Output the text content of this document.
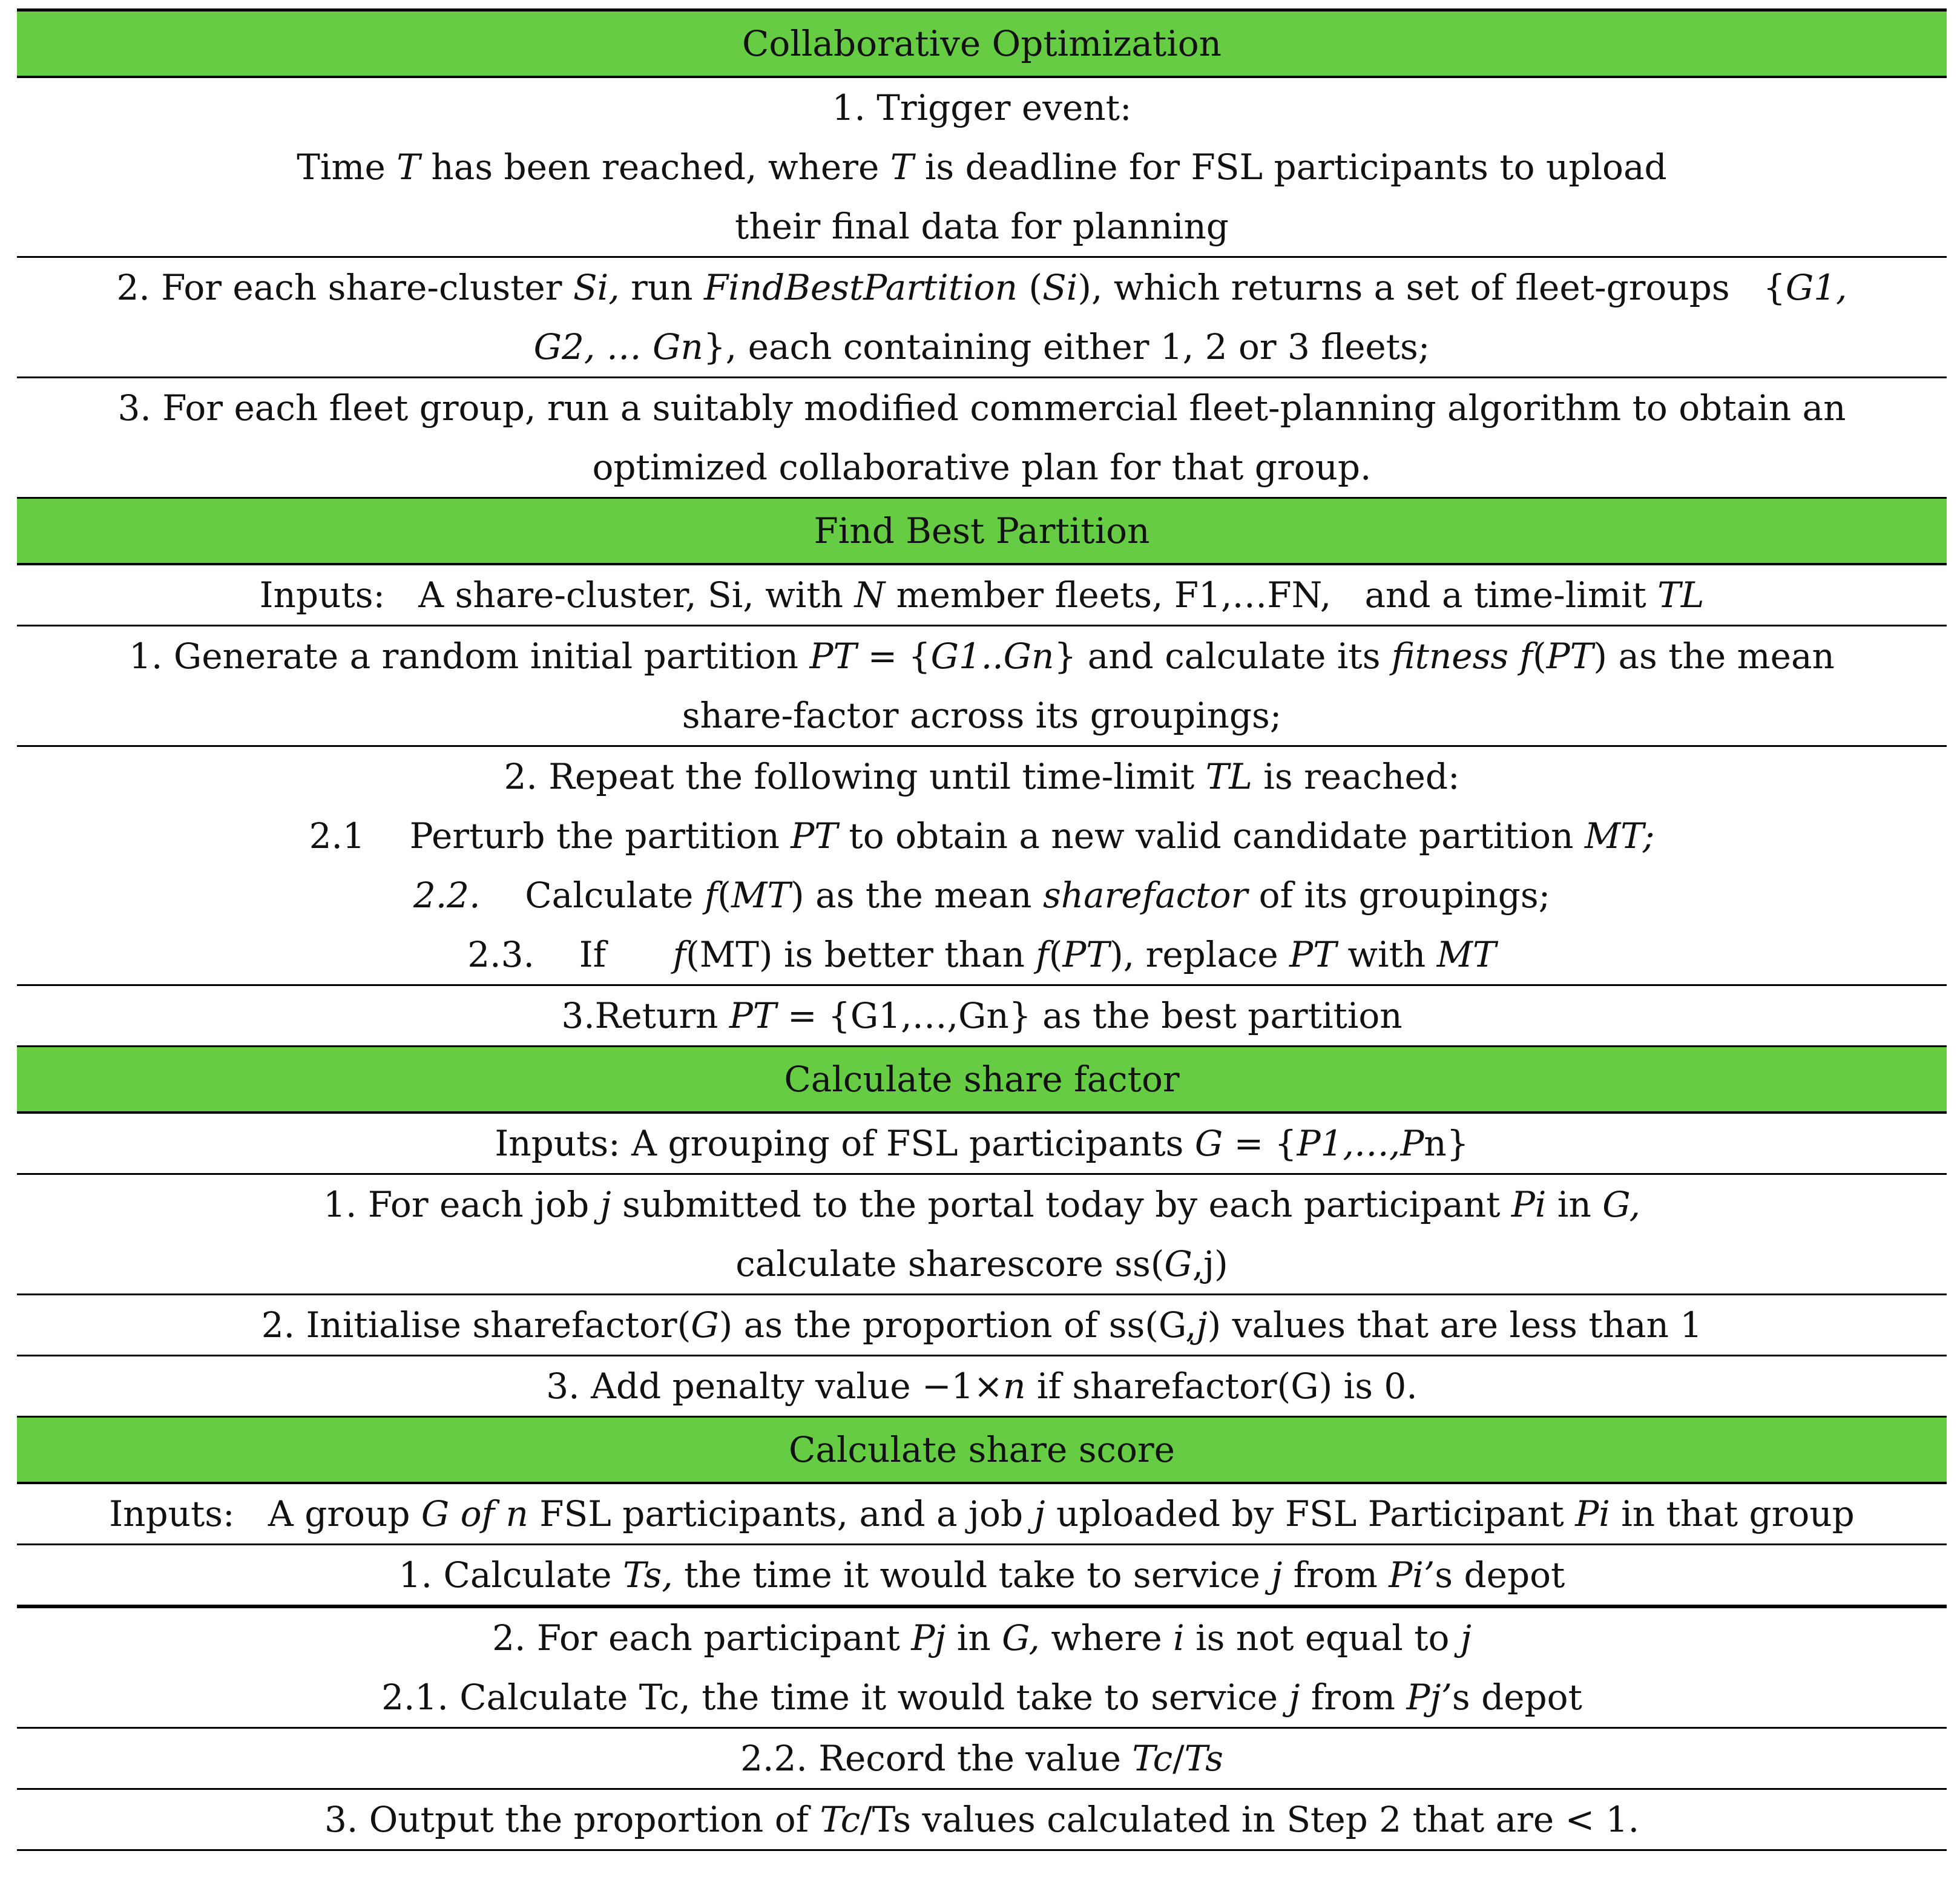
Collaborative Optimization
1. Trigger event:
Time T has been reached, where T is deadline for FSL participants to upload
their final data for planning
2. For each share-cluster Si, run FindBestPartition (Si), which returns a set of fleet-groups   {G1,
G2, … Gn}, each containing either 1, 2 or 3 fleets;
3. For each fleet group, run a suitably modified commercial fleet-planning algorithm to obtain an
optimized collaborative plan for that group.
Find Best Partition
Inputs:   A share-cluster, Si, with N member fleets, F1,…FN,   and a time-limit TL
1. Generate a random initial partition PT = {G1..Gn} and calculate its fitness f(PT) as the mean
share-factor across its groupings;
2. Repeat the following until time-limit TL is reached:
2.1    Perturb the partition PT to obtain a new valid candidate partition MT;
2.2.    Calculate f(MT) as the mean sharefactor of its groupings;
2.3.    If      f(MT) is better than f(PT), replace PT with MT
3.Return PT = {G1,…,Gn} as the best partition
Calculate share factor
Inputs: A grouping of FSL participants G = {P1,…,Pn}
1. For each job j submitted to the portal today by each participant Pi in G,
calculate sharescore ss(G,j)
2. Initialise sharefactor(G) as the proportion of ss(G,j) values that are less than 1
3. Add penalty value −1×n if sharefactor(G) is 0.
Calculate share score
Inputs:   A group G of n FSL participants, and a job j uploaded by FSL Participant Pi in that group
1. Calculate Ts, the time it would take to service j from Pi’s depot
2. For each participant Pj in G, where i is not equal to j
2.1. Calculate Tc, the time it would take to service j from Pj’s depot
2.2. Record the value Tc/Ts
3. Output the proportion of Tc/Ts values calculated in Step 2 that are < 1.
